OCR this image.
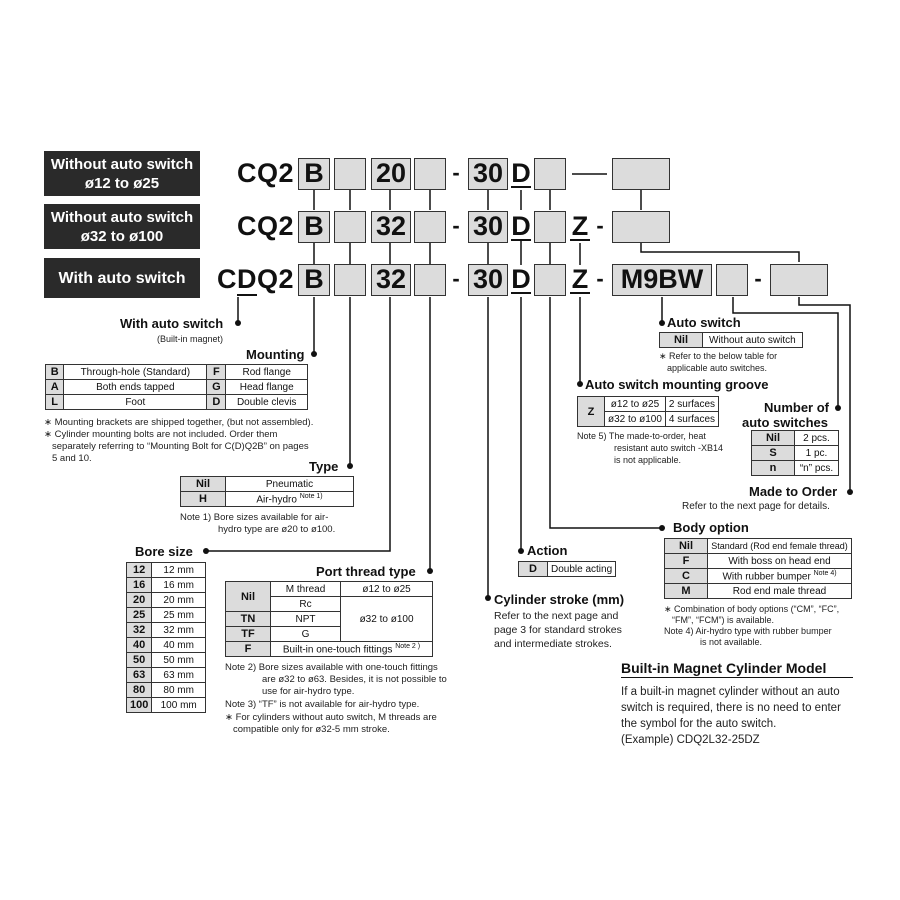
Without auto switch
ø12 to ø25
Without auto switch
ø32 to ø100
With auto switch
CQ2 B 20 - 30 D
CQ2 B 32 - 30 D Z -
CDQ2 B 32 - 30 D Z - M9BW	-
With auto switch
(Built-in magnet)
Mounting
B	Through-hole (Standard)	F	Rod flange
A	Both ends tapped	G	Head flange
L	Foot	D	Double clevis
∗ Mounting brackets are shipped together, (but not assembled).
∗ Cylinder mounting bolts are not included. Order them
separately referring to “Mounting Bolt for C(D)Q2B” on pages
5 and 10.
Type
Nil	Pneumatic
H	Air-hydro $^{Note 1)}$
Note 1) Bore sizes available for air-
hydro type are ø20 to ø100.
Bore size
12	12 mm
16	16 mm
20	20 mm
25	25 mm
32	32 mm
40	40 mm
50	50 mm
63	63 mm
80	80 mm
100	100 mm
Port thread type
Nil	M thread	ø12 to ø25
	Rc	ø32 to ø100
TN	NPT	
TF	G	
F	Built-in one-touch fittings $^{Note 2 )}$
Note 2) Bore sizes available with one-touch fittings
are ø32 to ø63. Besides, it is not possible to
use for air-hydro type.
Note 3) “TF” is not available for air-hydro type.
∗ For cylinders without auto switch, M threads are
compatible only for ø32-5 mm stroke.
Action
D	Double acting
Cylinder stroke (mm)
Refer to the next page and
page 3 for standard strokes
and intermediate strokes.
Auto switch
Nil	Without auto switch
∗ Refer to the below table for
applicable auto switches.
Auto switch mounting groove
Z	ø12 to ø25	2 surfaces
	ø32 to ø100	4 surfaces
Note 5) The made-to-order, heat
resistant auto switch -XB14
is not applicable.
Number of
auto switches
Nil	2 pcs.
S	1 pc.
n	“n” pcs.
Made to Order
Refer to the next page for details.
Body option
Nil	Standard (Rod end female thread)
F	With boss on head end
C	With rubber bumper $^{Note 4)}$
M	Rod end male thread
∗ Combination of body options (“CM”, “FC”,
“FM”, “FCM”) is available.
Note 4) Air-hydro type with rubber bumper
is not available.
Built-in Magnet Cylinder Model
If a built-in magnet cylinder without an auto
switch is required, there is no need to enter
the symbol for the auto switch.
(Example) CDQ2L32-25DZ
